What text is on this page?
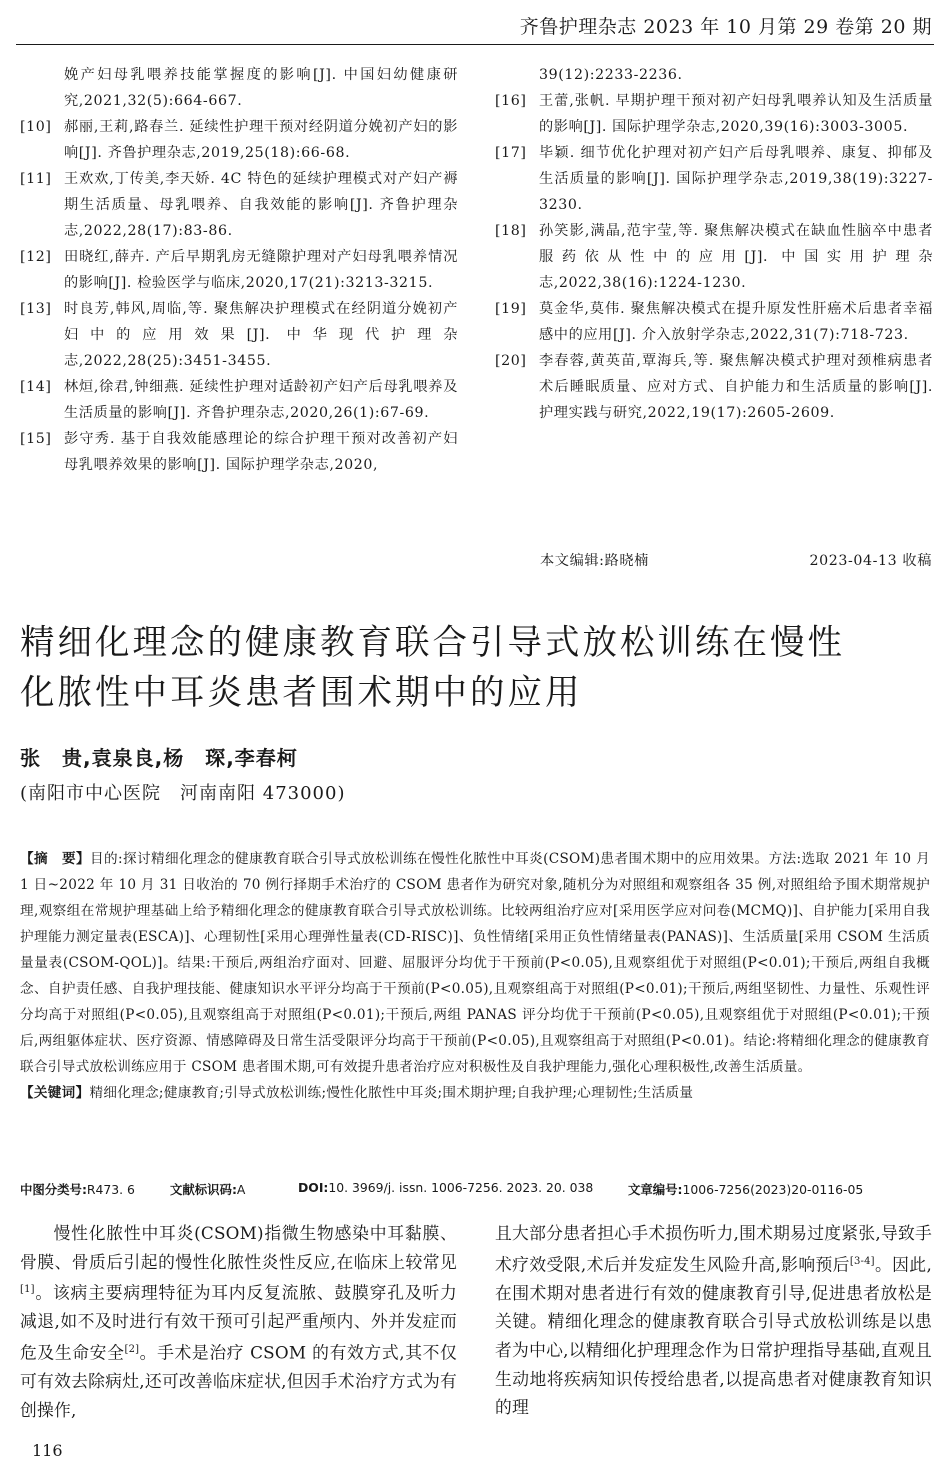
齐鲁护理杂志 2023 年 10 月第 29 卷第 20 期
娩产妇母乳喂养技能掌握度的影响[J]. 中国妇幼健康研究,2021,32(5):664-667.
[10] 郝丽,王莉,路春兰. 延续性护理干预对经阴道分娩初产妇的影响[J]. 齐鲁护理杂志,2019,25(18):66-68.
[11] 王欢欢,丁传美,李天娇. 4C 特色的延续护理模式对产妇产褥期生活质量、母乳喂养、自我效能的影响[J]. 齐鲁护理杂志,2022,28(17):83-86.
[12] 田晓红,薛卉. 产后早期乳房无缝隙护理对产妇母乳喂养情况的影响[J]. 检验医学与临床,2020,17(21):3213-3215.
[13] 时良芳,韩风,周临,等. 聚焦解决护理模式在经阴道分娩初产妇中的应用效果[J]. 中华现代护理杂志,2022,28(25):3451-3455.
[14] 林烜,徐君,钟细燕. 延续性护理对适龄初产妇产后母乳喂养及生活质量的影响[J]. 齐鲁护理杂志,2020,26(1):67-69.
[15] 彭守秀. 基于自我效能感理论的综合护理干预对改善初产妇母乳喂养效果的影响[J]. 国际护理学杂志,2020,
39(12):2233-2236.
[16] 王蕾,张帆. 早期护理干预对初产妇母乳喂养认知及生活质量的影响[J]. 国际护理学杂志,2020,39(16):3003-3005.
[17] 毕颖. 细节优化护理对初产妇产后母乳喂养、康复、抑郁及生活质量的影响[J]. 国际护理学杂志,2019,38(19):3227-3230.
[18] 孙笑影,满晶,范宇莹,等. 聚焦解决模式在缺血性脑卒中患者服药依从性中的应用[J]. 中国实用护理杂志,2022,38(16):1224-1230.
[19] 莫金华,莫伟. 聚焦解决模式在提升原发性肝癌术后患者幸福感中的应用[J]. 介入放射学杂志,2022,31(7):718-723.
[20] 李春蓉,黄英苗,覃海兵,等. 聚焦解决模式护理对颈椎病患者术后睡眠质量、应对方式、自护能力和生活质量的影响[J]. 护理实践与研究,2022,19(17):2605-2609.
本文编辑:路晓楠	2023-04-13 收稿
精细化理念的健康教育联合引导式放松训练在慢性
化脓性中耳炎患者围术期中的应用
张　贵,袁泉良,杨　琛,李春柯
(南阳市中心医院　河南南阳 473000)
【摘　要】目的:探讨精细化理念的健康教育联合引导式放松训练在慢性化脓性中耳炎(CSOM)患者围术期中的应用效果。方法:选取 2021 年 10 月 1 日~2022 年 10 月 31 日收治的 70 例行择期手术治疗的 CSOM 患者作为研究对象,随机分为对照组和观察组各 35 例,对照组给予围术期常规护理,观察组在常规护理基础上给予精细化理念的健康教育联合引导式放松训练。比较两组治疗应对[采用医学应对问卷(MCMQ)]、自护能力[采用自我护理能力测定量表(ESCA)]、心理韧性[采用心理弹性量表(CD-RISC)]、负性情绪[采用正负性情绪量表(PANAS)]、生活质量[采用 CSOM 生活质量量表(CSOM-QOL)]。结果:干预后,两组治疗面对、回避、屈服评分均优于干预前(P<0.05),且观察组优于对照组(P<0.01);干预后,两组自我概念、自护责任感、自我护理技能、健康知识水平评分均高于干预前(P<0.05),且观察组高于对照组(P<0.01);干预后,两组坚韧性、力量性、乐观性评分均高于对照组(P<0.05),且观察组高于对照组(P<0.01);干预后,两组 PANAS 评分均优于干预前(P<0.05),且观察组优于对照组(P<0.01);干预后,两组躯体症状、医疗资源、情感障碍及日常生活受限评分均高于干预前(P<0.05),且观察组高于对照组(P<0.01)。结论:将精细化理念的健康教育联合引导式放松训练应用于 CSOM 患者围术期,可有效提升患者治疗应对积极性及自我护理能力,强化心理积极性,改善生活质量。
【关键词】精细化理念;健康教育;引导式放松训练;慢性化脓性中耳炎;围术期护理;自我护理;心理韧性;生活质量
中图分类号:R473. 6	文献标识码:A	DOI:10. 3969/j. issn. 1006-7256. 2023. 20. 038	文章编号:1006-7256(2023)20-0116-05
慢性化脓性中耳炎(CSOM)指微生物感染中耳黏膜、骨膜、骨质后引起的慢性化脓性炎性反应,在临床上较常见[1]。该病主要病理特征为耳内反复流脓、鼓膜穿孔及听力减退,如不及时进行有效干预可引起严重颅内、外并发症而危及生命安全[2]。手术是治疗 CSOM 的有效方式,其不仅可有效去除病灶,还可改善临床症状,但因手术治疗方式为有创操作,
且大部分患者担心手术损伤听力,围术期易过度紧张,导致手术疗效受限,术后并发症发生风险升高,影响预后[3-4]。因此,在围术期对患者进行有效的健康教育引导,促进患者放松是关键。精细化理念的健康教育联合引导式放松训练是以患者为中心,以精细化护理理念作为日常护理指导基础,直观且生动地将疾病知识传授给患者,以提高患者对健康教育知识的理
116
